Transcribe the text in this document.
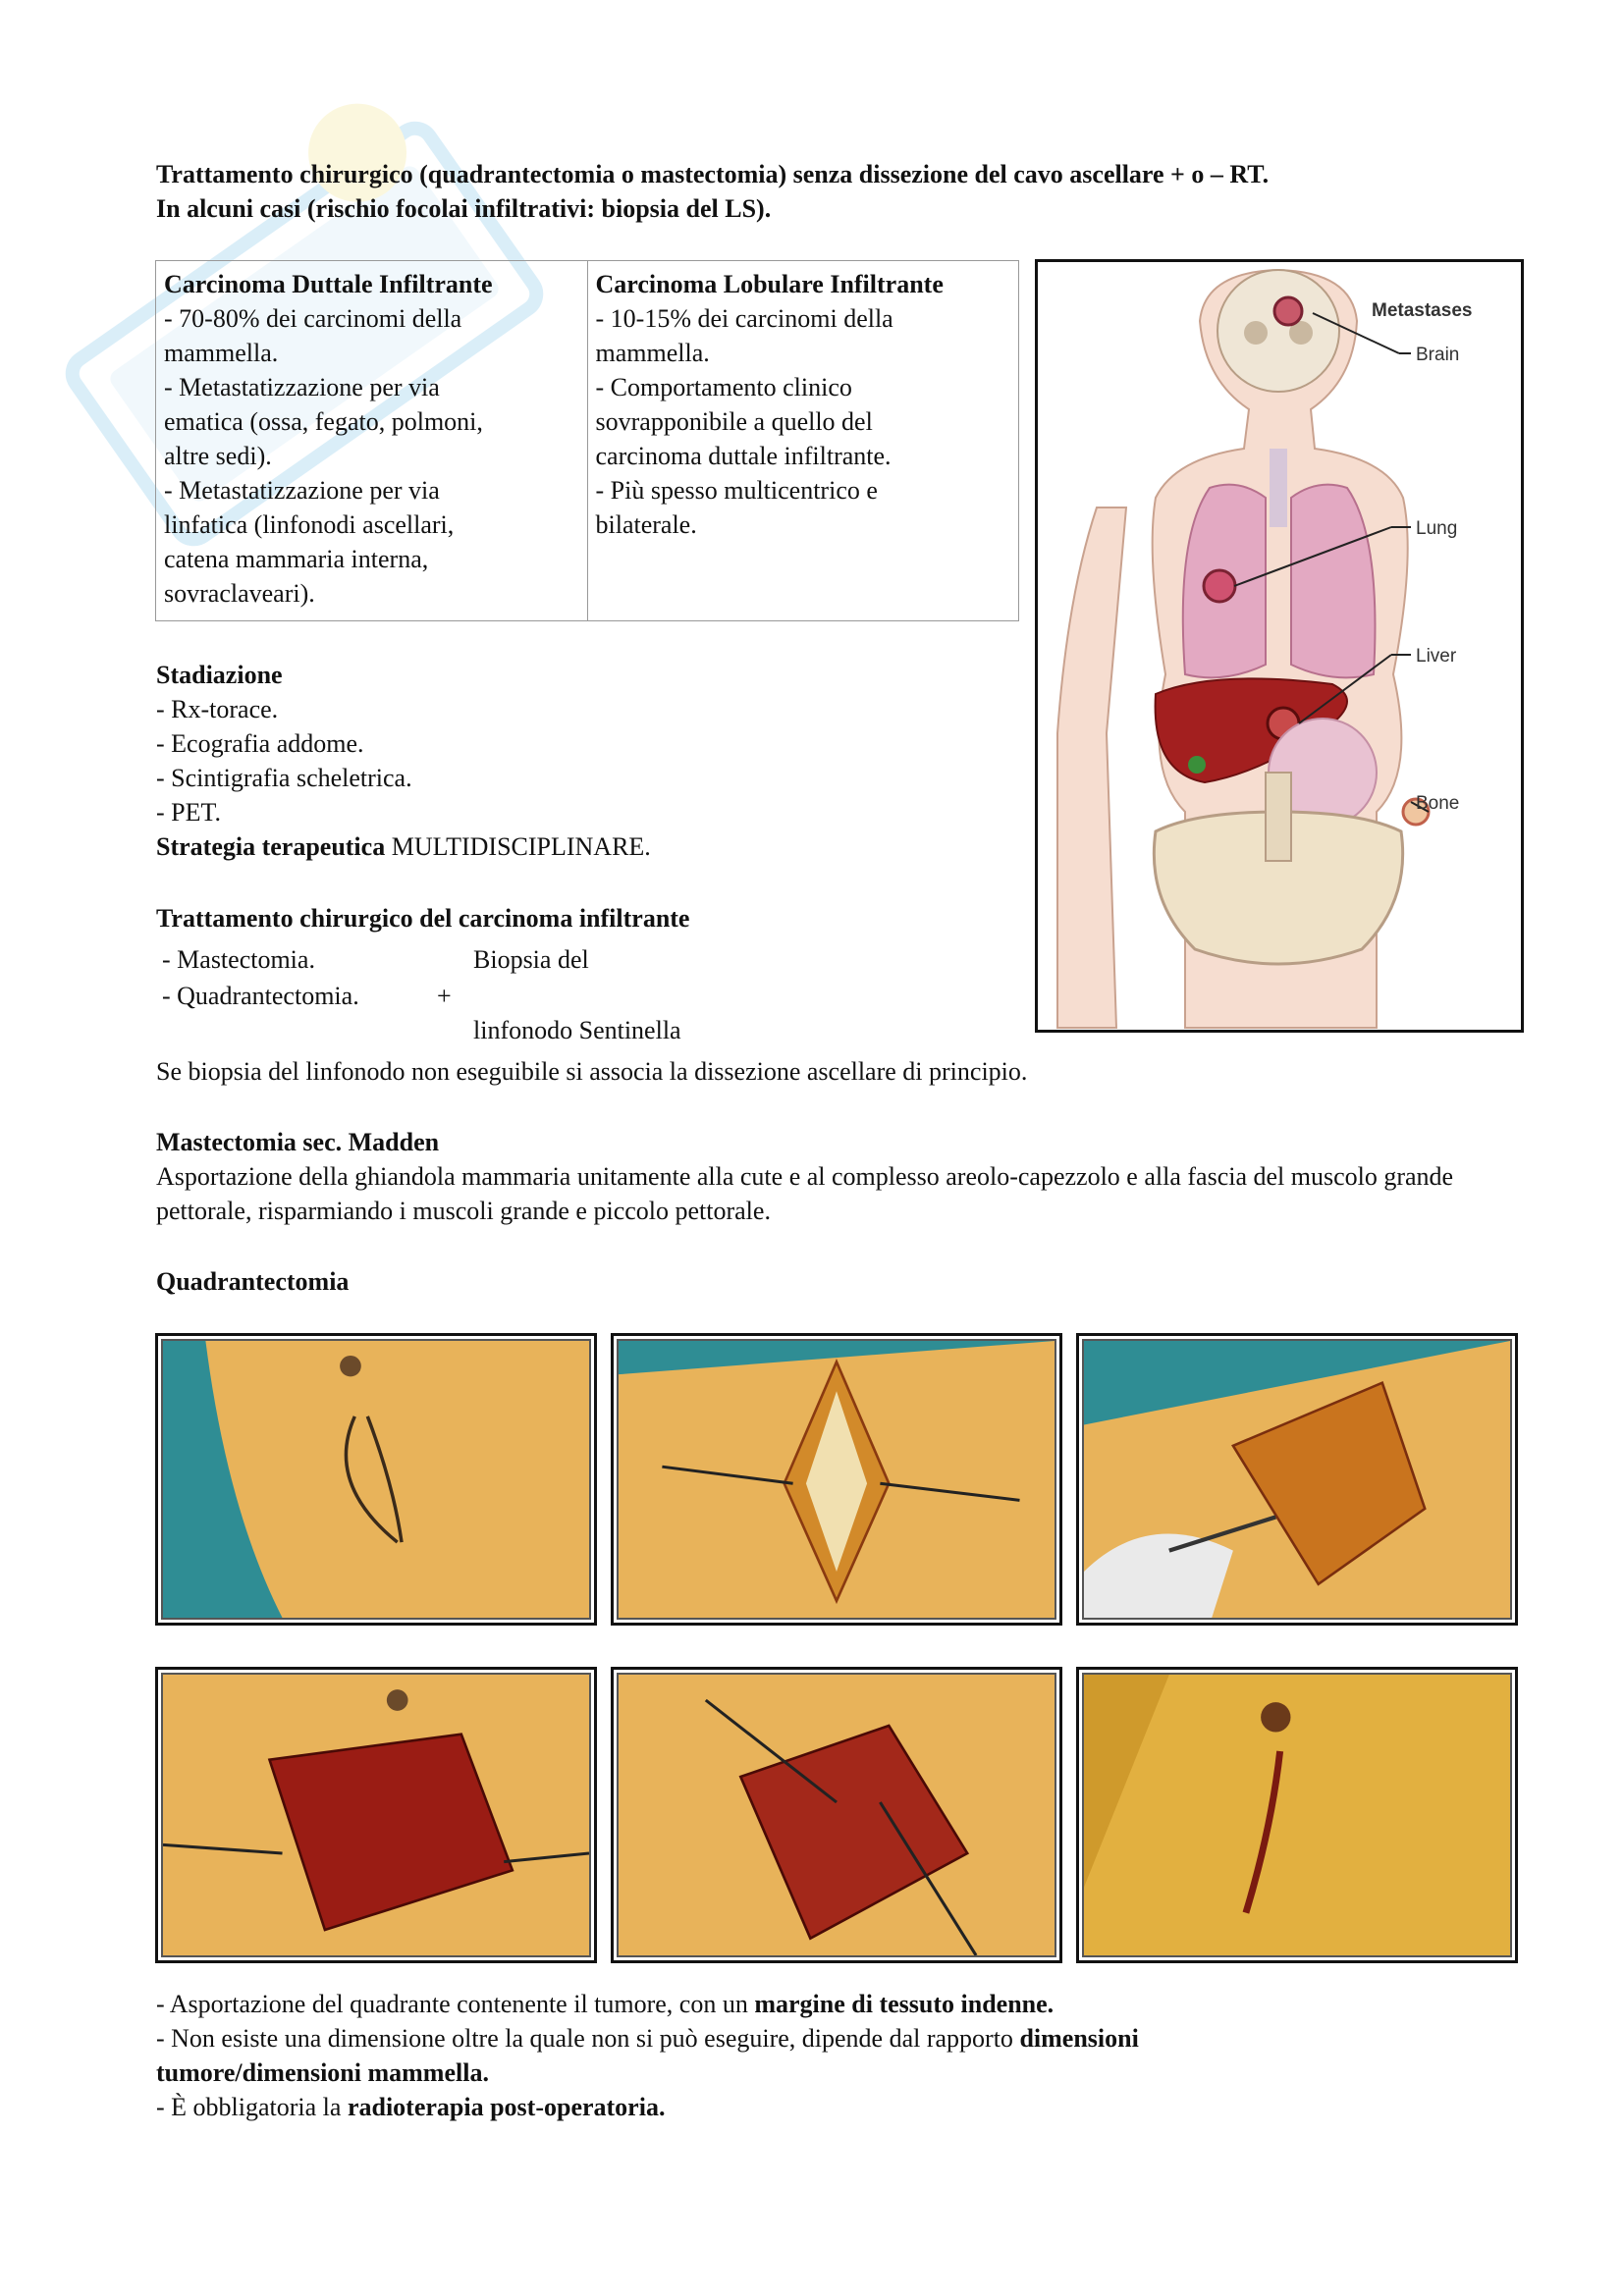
Trattamento chirurgico (quadrantectomia o mastectomia) senza dissezione del cavo ascellare + o – RT.

In alcuni casi (rischio focolai infiltrativi: biopsia del LS).

Carcinoma Duttale Infiltrante
- 70-80% dei carcinomi della
mammella.
- Metastatizzazione per via
ematica (ossa, fegato, polmoni,
altre sedi).
- Metastatizzazione per via
linfatica (linfonodi ascellari,
catena mammaria interna,
sovraclaveari).

Carcinoma Lobulare Infiltrante
- 10-15% dei carcinomi della
mammella.
- Comportamento clinico
sovrapponibile a quello del
carcinoma duttale infiltrante.
- Più spesso multicentrico e
bilaterale.
Metastases
Brain
Lung
Liver
Bone

Stadiazione

- Rx-torace.

- Ecografia addome.

- Scintigrafia scheletrica.

- PET.

Strategia terapeutica MULTIDISCIPLINARE.

Trattamento chirurgico del carcinoma infiltrante
- Mastectomia.
- Quadrantectomia.	+
Biopsia del
linfonodo Sentinella
Se biopsia del linfonodo non eseguibile si associa la dissezione ascellare di principio.
Mastectomia sec. Madden
Asportazione della ghiandola mammaria unitamente alla cute e al complesso areolo-capezzolo e alla fascia del muscolo grande pettorale, risparmiando i muscoli grande e piccolo pettorale.
Quadrantectomia

- Asportazione del quadrante contenente il tumore, con un margine di tessuto indenne.

- Non esiste una dimensione oltre la quale non si può eseguire, dipende dal rapporto dimensioni

tumore/dimensioni mammella.

- È obbligatoria la radioterapia post-operatoria.
